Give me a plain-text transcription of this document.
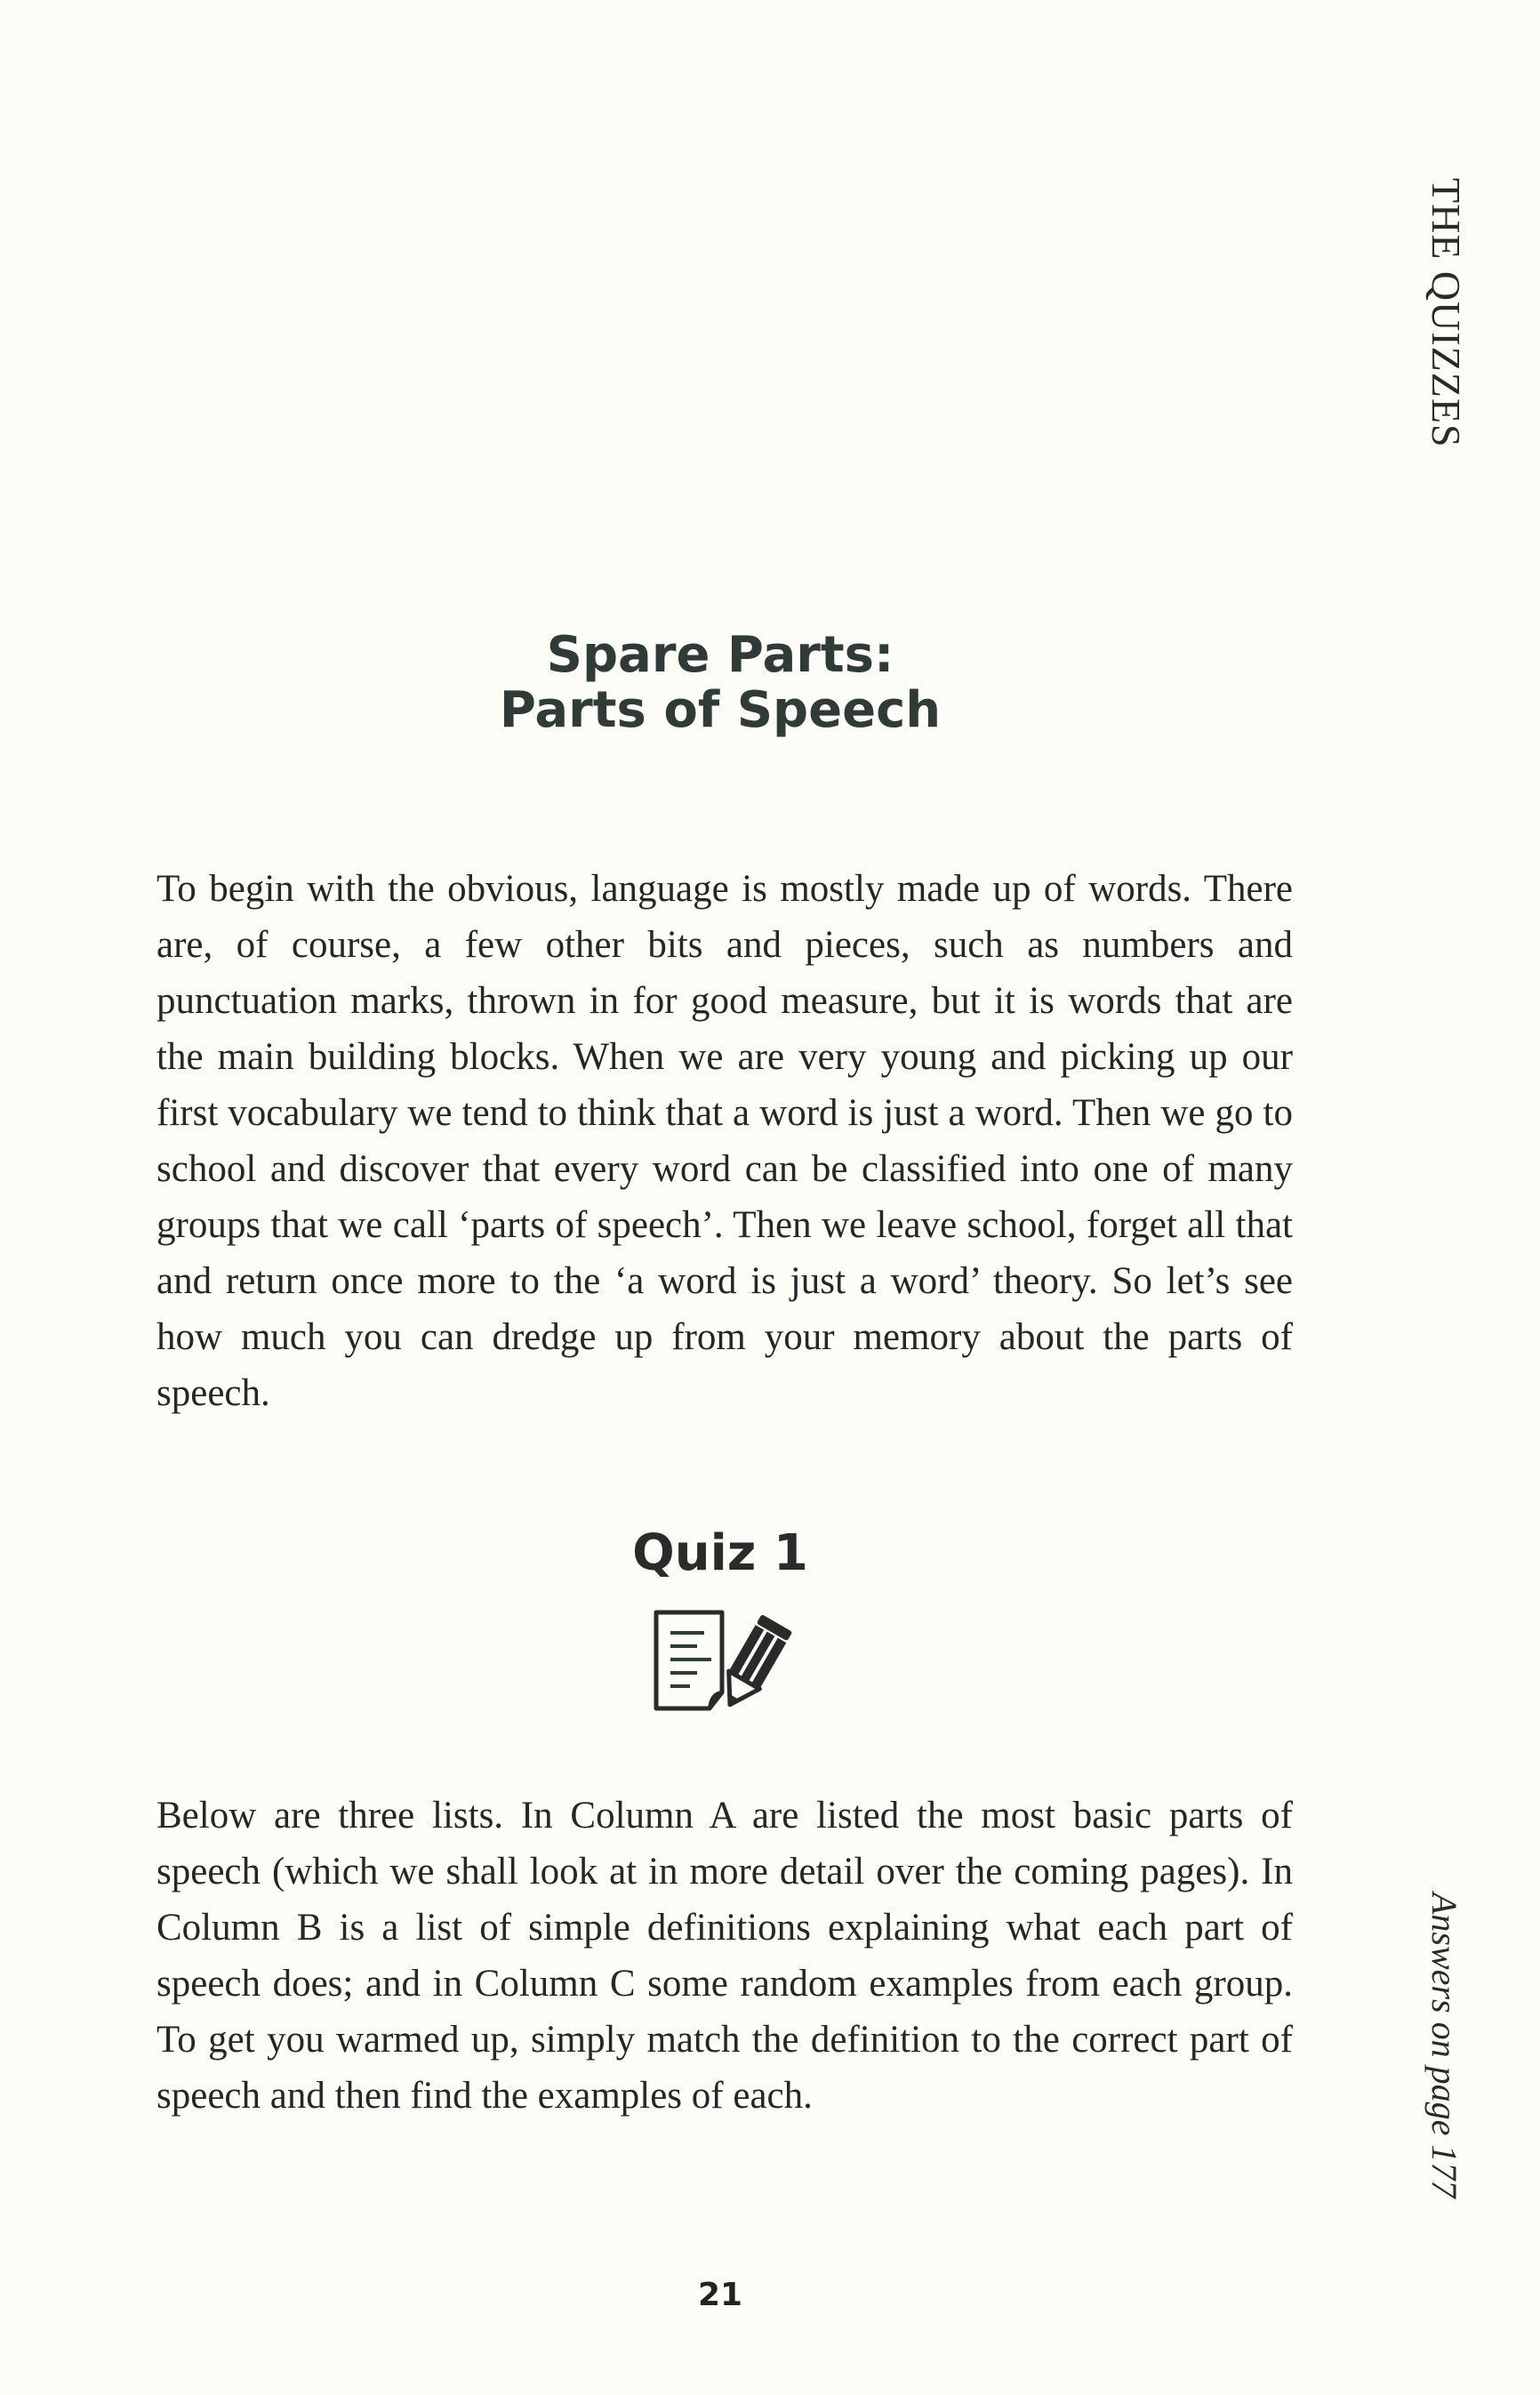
THE QUIZZES
Spare Parts:
Parts of Speech

To begin with the obvious, language is mostly made up of words. There are, of course, a few other bits and pieces, such as numbers and punctuation marks, thrown in for good measure, but it is words that are the main building blocks. When we are very young and picking up our first vocabulary we tend to think that a word is just a word. Then we go to school and discover that every word can be classified into one of many groups that we call ‘parts of speech’. Then we leave school, forget all that and return once more to the ‘a word is just a word’ theory. So let’s see how much you can dredge up from your memory about the parts of speech.

Quiz 1

Below are three lists. In Column A are listed the most basic parts of speech (which we shall look at in more detail over the coming pages). In Column B is a list of simple definitions explaining what each part of speech does; and in Column C some random examples from each group. To get you warmed up, simply match the definition to the correct part of speech and then find the examples of each.	Answers on page 177
21
